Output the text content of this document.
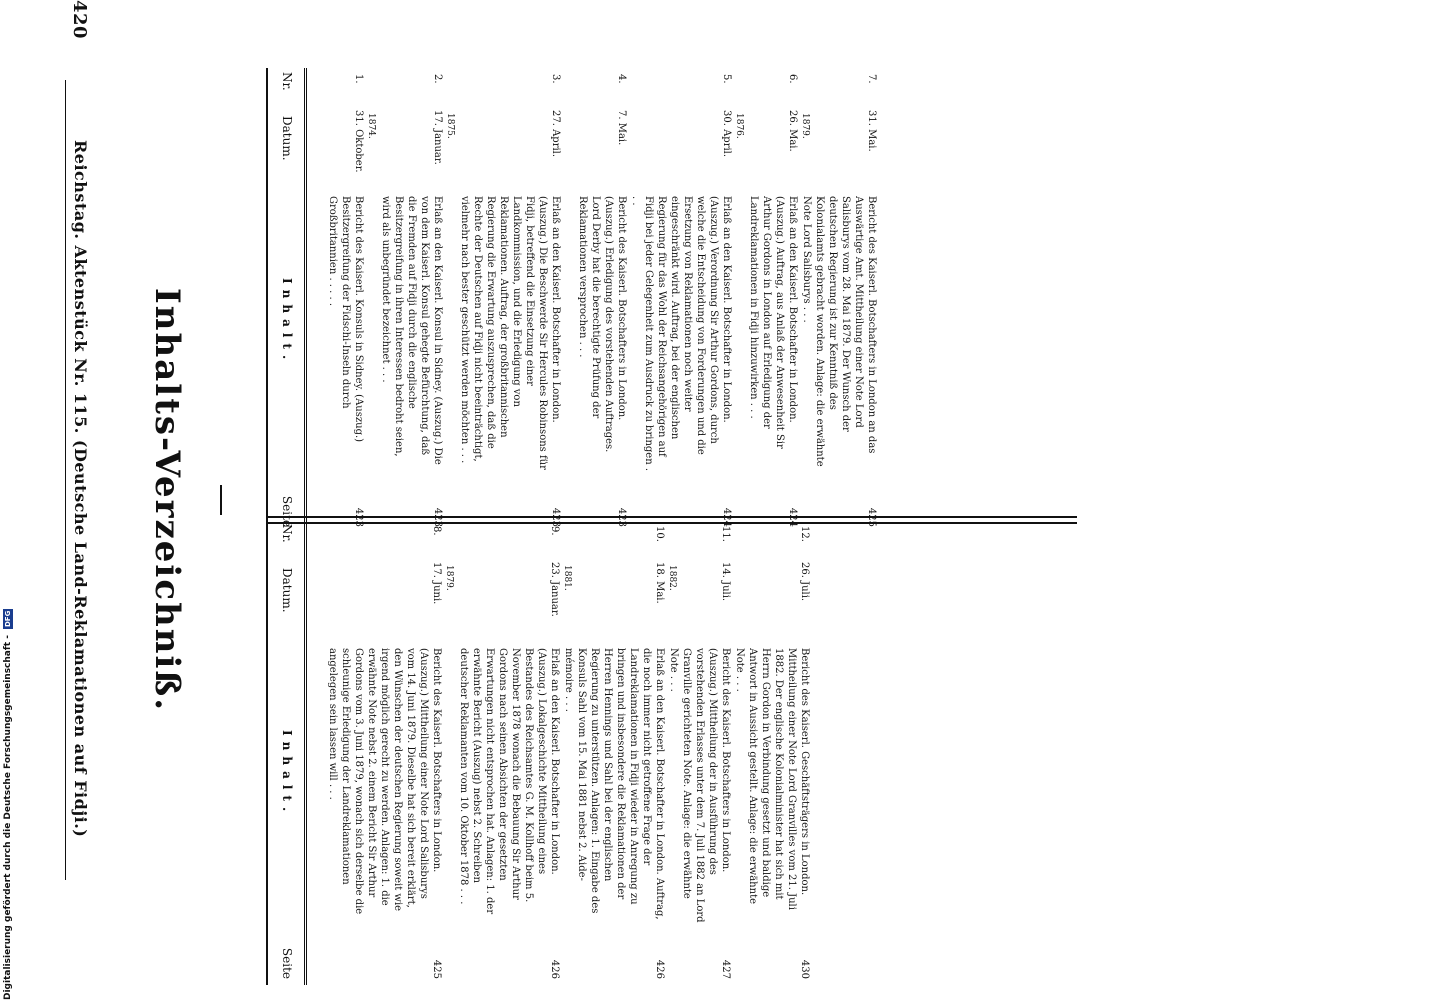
420
Reichstag. Aktenstück Nr. 115. (Deutsche Land-Reklamationen auf Fidji.) Inhalts-Verzeichniß.
Nr.
Datum.
Inhalt.
Seite
1.
1874.
31. Oktober.
Bericht des Kaiserl. Konsuls in Sidney. (Auszug.) Besitzergreifung der Fidschi-Inseln durch Großbritannien . . . . .
423
2.
1875.
17. Januar.
Erlaß an den Kaiserl. Konsul in Sidney. (Auszug.) Die von dem Kaiserl. Konsul gehegte Befürchtung, daß die Fremden auf Fidji durch die englische Besitzergreifung in ihren Interessen bedroht seien, wird als unbegründet bezeichnet . . .
423
3.
27. April.
Erlaß an den Kaiserl. Botschafter in London. (Auszug.) Die Beschwerde Sir Hercules Robinsons für Fidji, betreffend die Einsetzung einer Landkommission, und die Erledigung von Reklamationen. Auftrag, der großbritannischen Regierung die Erwartung auszusprechen, daß die Rechte der Deutschen auf Fidji nicht beeinträchtigt, vielmehr nach bester geschützt werden möchten . . .
423
4.
7. Mai.
Bericht des Kaiserl. Botschafters in London. (Auszug.) Erledigung des vorstehenden Auftrages. Lord Derby hat die berechtigte Prüfung der Reklamationen versprochen . . .
423
5.
1876.
30. April.
Erlaß an den Kaiserl. Botschafter in London. (Auszug.) Verordnung Sir Arthur Gordons, durch welche die Entscheidung von Forderungen und die Ersetzung von Reklamationen noch weiter eingeschränkt wird. Auftrag, bei der englischen Regierung für das Wohl der Reichsangehörigen auf Fidji bei jeder Gelegenheit zum Ausdruck zu bringen . . .
424
6.
1879.
26. Mai.
Erlaß an den Kaiserl. Botschafter in London. (Auszug.) Auftrag, aus Anlaß der Anwesenheit Sir Arthur Gordons in London auf Erledigung der Landreklamationen in Fidji hinzuwirken . . .
424
7.
31. Mai.
Bericht des Kaiserl. Botschafters in London an das Auswärtige Amt. Mittheilung einer Note Lord Salisburys vom 28. Mai 1879. Der Wunsch der deutschen Regierung ist zur Kenntniß des Kolonialamts gebracht worden. Anlage: die erwähnte Note Lord Salisburys . . .
425
Nr.
Datum.
Inhalt.
Seite
8.
1879.
17. Juni.
Bericht des Kaiserl. Botschafters in London. (Auszug.) Mittheilung einer Note Lord Salisburys vom 14. Juni 1879. Dieselbe hat sich bereit erklärt, den Wünschen der deutschen Regierung soweit wie irgend möglich gerecht zu werden. Anlagen: 1. die erwähnte Note nebst 2. einem Bericht Sir Arthur Gordons vom 3. Juni 1879, wonach sich derselbe die schleunige Erledigung der Landreklamationen angelegen sein lassen will . . .
425
9.
1881.
23. Januar.
Erlaß an den Kaiserl. Botschafter in London. (Auszug.) Lokalgeschichte Mittheilung eines Bestandes des Reichsamtes G. M. Kollhoff beim 5. November 1878 wonach die Bebauung Sir Arthur Gordons nach seinen Absichten der gesetzten Erwartungen nicht entsprochen hat. Anlagen: 1. der erwähnte Bericht (Auszug) nebst 2. Schreiben deutscher Reklamanten vom 10. Oktober 1878 . . .
426
10.
1882.
18. Mai.
Erlaß an den Kaiserl. Botschafter in London. Auftrag, die noch immer nicht getroffene Frage der Landreklamationen in Fidji wieder in Anregung zu bringen und insbesondere die Reklamationen der Herren Hennings und Sahl bei der englischen Regierung zu unterstützen. Anlagen: 1. Eingabe des Konsuls Sahl vom 15. Mai 1881 nebst 2. Aide-mémoire . . .
426
11.
14. Juli.
Bericht des Kaiserl. Botschafters in London. (Auszug.) Mittheilung der in Ausführung des vorstehenden Erlasses unter dem 7. Juli 1882 an Lord Granville gerichteten Note. Anlage: die erwähnte Note . . .
427
12.
26. Juli.
Bericht des Kaiserl. Geschäftsträgers in London. Mittheilung einer Note Lord Granvilles vom 21. Juli 1882. Der englische Kolonialminister hat sich mit Herrn Gordon in Verbindung gesetzt und baldige Antwort in Aussicht gestellt. Anlage: die erwähnte Note . . .
430
Digitalisierung gefördert durch die Deutsche Forschungsgemeinschaft -
DFG
